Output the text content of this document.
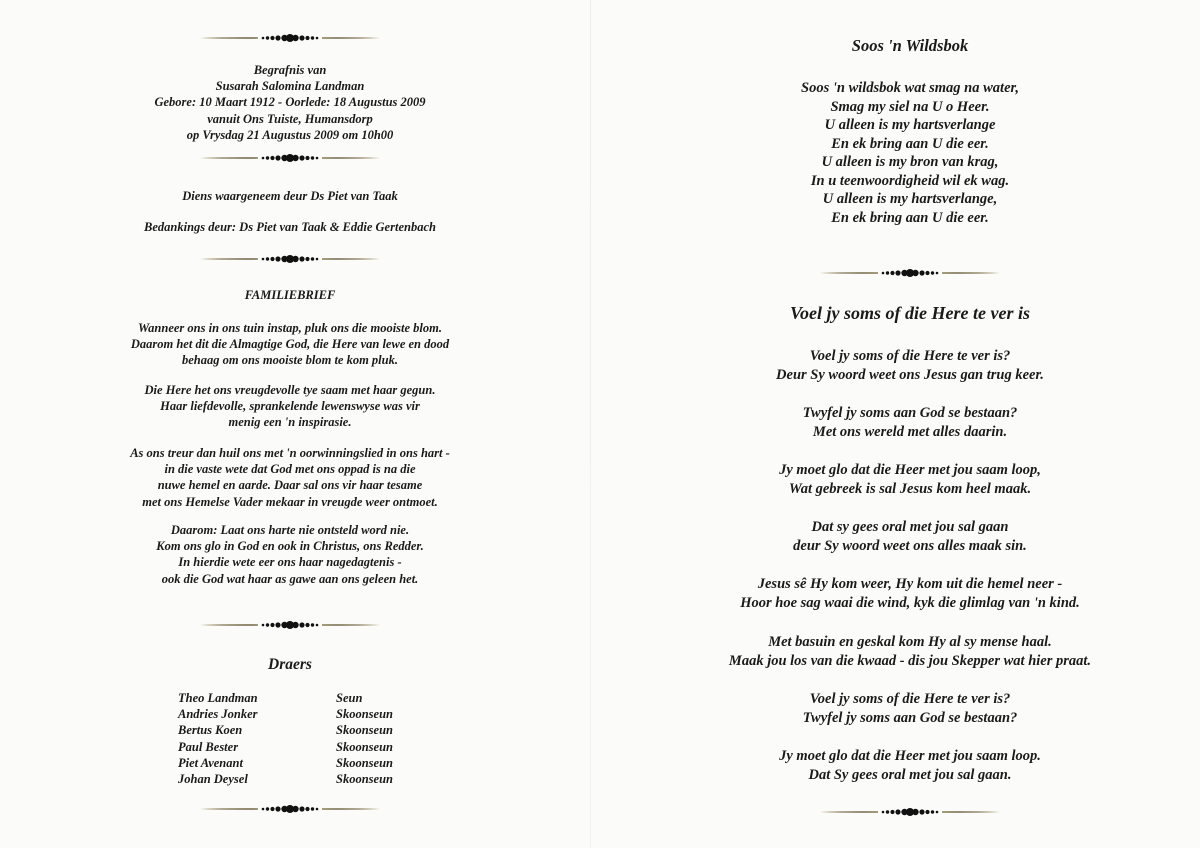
Begrafnis van
Susarah Salomina Landman
Gebore: 10 Maart 1912 - Oorlede: 18 Augustus 2009
vanuit Ons Tuiste, Humansdorp
op Vrysdag 21 Augustus 2009 om 10h00
Diens waargeneem deur Ds Piet van Taak
Bedankings deur: Ds Piet van Taak & Eddie Gertenbach
FAMILIEBRIEF
Wanneer ons in ons tuin instap, pluk ons die mooiste blom.
Daarom het dit die Almagtige God, die Here van lewe en dood
behaag om ons mooiste blom te kom pluk.
Die Here het ons vreugdevolle tye saam met haar gegun.
Haar liefdevolle, sprankelende lewenswyse was vir
menig een 'n inspirasie.
As ons treur dan huil ons met 'n oorwinningslied in ons hart -
in die vaste wete dat God met ons oppad is na die
nuwe hemel en aarde. Daar sal ons vir haar tesame
met ons Hemelse Vader mekaar in vreugde weer ontmoet.
Daarom: Laat ons harte nie ontsteld word nie.
Kom ons glo in God en ook in Christus, ons Redder.
In hierdie wete eer ons haar nagedagtenis -
ook die God wat haar as gawe aan ons geleen het.
Draers
Theo Landman	Seun
Andries Jonker	Skoonseun
Bertus Koen	Skoonseun
Paul Bester	Skoonseun
Piet Avenant	Skoonseun
Johan Deysel	Skoonseun
Soos 'n Wildsbok
Soos 'n wildsbok wat smag na water,
Smag my siel na U o Heer.
U alleen is my hartsverlange
En ek bring aan U die eer.
U alleen is my bron van krag,
In u teenwoordigheid wil ek wag.
U alleen is my hartsverlange,
En ek bring aan U die eer.
Voel jy soms of die Here te ver is
Voel jy soms of die Here te ver is?
Deur Sy woord weet ons Jesus gan trug keer.
Twyfel jy soms aan God se bestaan?
Met ons wereld met alles daarin.
Jy moet glo dat die Heer met jou saam loop,
Wat gebreek is sal Jesus kom heel maak.
Dat sy gees oral met jou sal gaan
deur Sy woord weet ons alles maak sin.
Jesus sê Hy kom weer, Hy kom uit die hemel neer -
Hoor hoe sag waai die wind, kyk die glimlag van 'n kind.
Met basuin en geskal kom Hy al sy mense haal.
Maak jou los van die kwaad - dis jou Skepper wat hier praat.
Voel jy soms of die Here te ver is?
Twyfel jy soms aan God se bestaan?
Jy moet glo dat die Heer met jou saam loop.
Dat Sy gees oral met jou sal gaan.
